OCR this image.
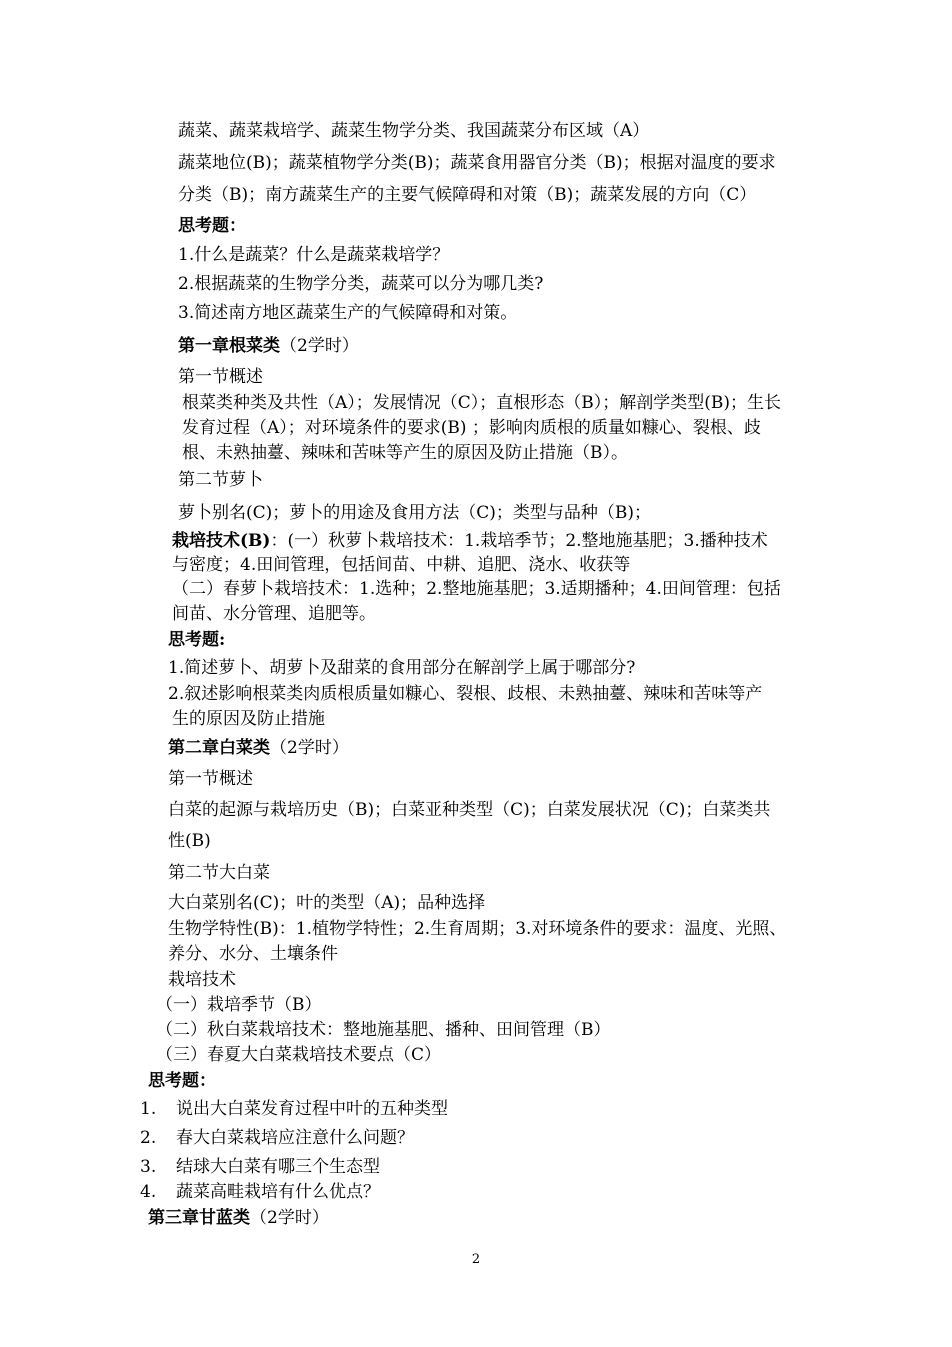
蔬菜、蔬菜栽培学、蔬菜生物学分类、我国蔬菜分布区域（A）
蔬菜地位(B)；蔬菜植物学分类(B)；蔬菜食用器官分类（B)；根据对温度的要求
分类（B)；南方蔬菜生产的主要气候障碍和对策（B)；蔬菜发展的方向（C）
思考题：
1.什么是蔬菜？什么是蔬菜栽培学？
2.根据蔬菜的生物学分类，蔬菜可以分为哪几类?
3.简述南方地区蔬菜生产的气候障碍和对策。
第一章根菜类（2学时）
第一节概述
根菜类种类及共性（A）；发展情况（C）；直根形态（B）；解剖学类型(B)；生长
发育过程（A）；对环境条件的要求(B) ；影响肉质根的质量如糠心、裂根、歧
根、未熟抽薹、辣味和苦味等产生的原因及防止措施（B）。
第二节萝卜
萝卜别名(C)；萝卜的用途及食用方法（C)；类型与品种（B)；
栽培技术(B)：(一）秋萝卜栽培技术：1.栽培季节；2.整地施基肥；3.播种技术
与密度；4.田间管理，包括间苗、中耕、追肥、浇水、收获等
（二）春萝卜栽培技术：1.选种；2.整地施基肥；3.适期播种；4.田间管理：包括
间苗、水分管理、追肥等。
思考题:
1.简述萝卜、胡萝卜及甜菜的食用部分在解剖学上属于哪部分?
2.叙述影响根菜类肉质根质量如糠心、裂根、歧根、未熟抽薹、辣味和苦味等产
生的原因及防止措施
第二章白菜类（2学时）
第一节概述
白菜的起源与栽培历史（B)；白菜亚种类型（C)；白菜发展状况（C)；白菜类共
性(B)
第二节大白菜
大白菜别名(C)；叶的类型（A)；品种选择
生物学特性(B)：1.植物学特性；2.生育周期；3.对环境条件的要求：温度、光照、
养分、水分、土壤条件
栽培技术
（一）栽培季节（B）
（二）秋白菜栽培技术：整地施基肥、播种、田间管理（B）
（三）春夏大白菜栽培技术要点（C）
思考题：
1. 说出大白菜发育过程中叶的五种类型
2. 春大白菜栽培应注意什么问题？
3. 结球大白菜有哪三个生态型
4. 蔬菜高畦栽培有什么优点？
第三章甘蓝类（2学时）
2
